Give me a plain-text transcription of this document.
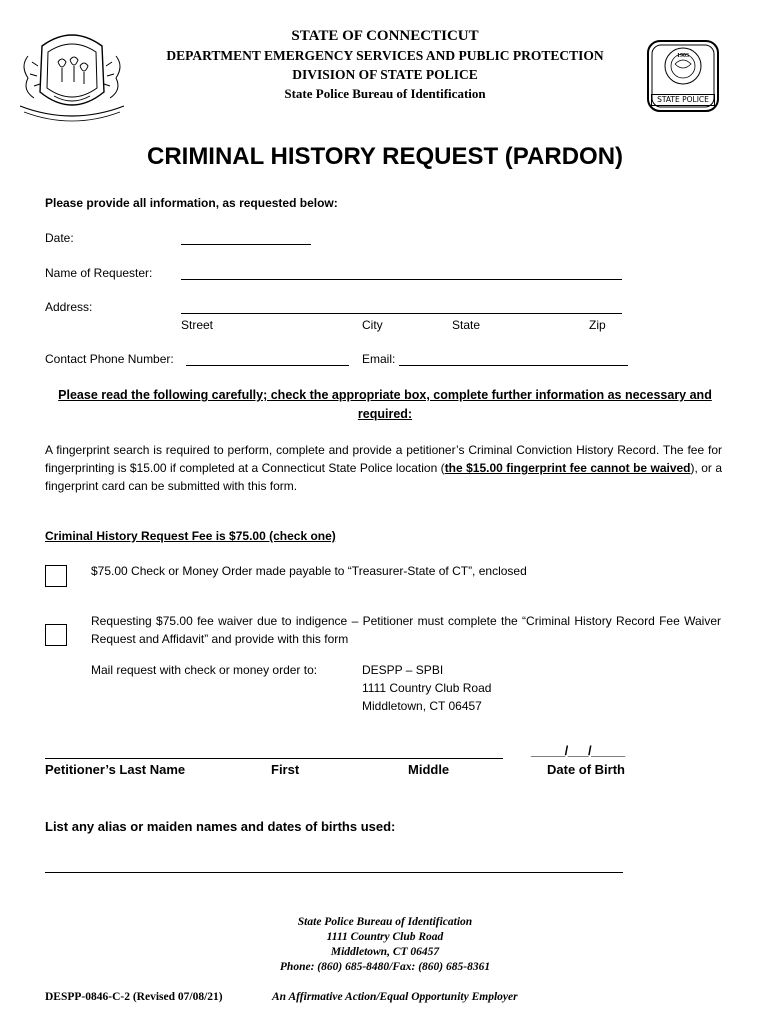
STATE OF CONNECTICUT
DEPARTMENT EMERGENCY SERVICES AND PUBLIC PROTECTION
DIVISION OF STATE POLICE
State Police Bureau of Identification
1903
STATE POLICE
CRIMINAL HISTORY REQUEST (PARDON)
Please provide all information, as requested below:
Date:
Name of Requester:
Address:
Street	City	State	Zip
Contact Phone Number:	Email:
Please read the following carefully; check the appropriate box, complete further information as necessary and required:
A fingerprint search is required to perform, complete and provide a petitioner’s Criminal Conviction History Record. The fee for fingerprinting is $15.00 if completed at a Connecticut State Police location (the $15.00 fingerprint fee cannot be waived), or a fingerprint card can be submitted with this form.
Criminal History Request Fee is $75.00 (check one)
$75.00 Check or Money Order made payable to “Treasurer-State of CT”, enclosed
Requesting $75.00 fee waiver due to indigence – Petitioner must complete the “Criminal History Record Fee Waiver Request and Affidavit” and provide with this form
Mail request with check or money order to:	DESPP – SPBI
1111 Country Club Road
Middletown, CT 06457
_____/___/_____
Petitioner’s Last Name	First	Middle	Date of Birth
List any alias or maiden names and dates of births used:
State Police Bureau of Identification
1111 Country Club Road
Middletown, CT 06457
Phone: (860) 685-8480/Fax: (860) 685-8361
DESPP-0846-C-2 (Revised 07/08/21)	An Affirmative Action/Equal Opportunity Employer
